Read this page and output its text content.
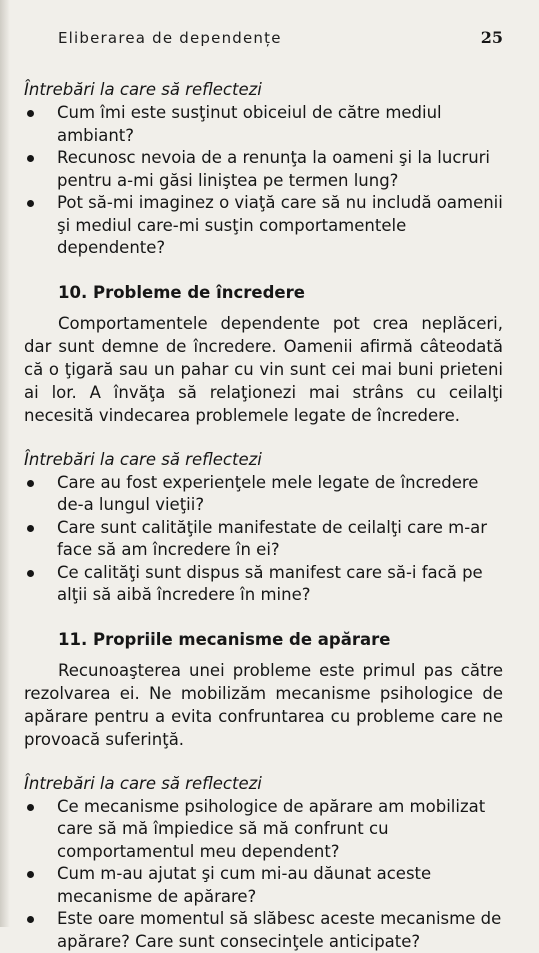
Eliberarea de dependențe	25
Întrebări la care să reflectezi
Cum îmi este susţinut obiceiul de către mediul ambiant?
Recunosc nevoia de a renunţa la oameni şi la lucruri pentru a-mi găsi liniştea pe termen lung?
Pot să-mi imaginez o viaţă care să nu includă oamenii şi mediul care-mi susţin comportamentele dependente?
10. Probleme de încredere

Comportamentele dependente pot crea neplăceri, dar sunt demne de încredere. Oamenii afirmă câteodată că o ţigară sau un pahar cu vin sunt cei mai buni prieteni ai lor. A învăţa să relaţionezi mai strâns cu ceilalţi necesită vindecarea problemele legate de încredere.

Întrebări la care să reflectezi
Care au fost experienţele mele legate de încredere de-a lungul vieţii?
Care sunt calităţile manifestate de ceilalţi care m-ar face să am încredere în ei?
Ce calităţi sunt dispus să manifest care să-i facă pe alţii să aibă încredere în mine?
11. Propriile mecanisme de apărare

Recunoaşterea unei probleme este primul pas către rezolvarea ei. Ne mobilizăm mecanisme psihologice de apărare pentru a evita confruntarea cu probleme care ne provoacă suferinţă.

Întrebări la care să reflectezi
Ce mecanisme psihologice de apărare am mobilizat care să mă împiedice să mă confrunt cu comportamentul meu dependent?
Cum m-au ajutat şi cum mi-au dăunat aceste mecanisme de apărare?
Este oare momentul să slăbesc aceste mecanisme de apărare? Care sunt consecinţele anticipate?
